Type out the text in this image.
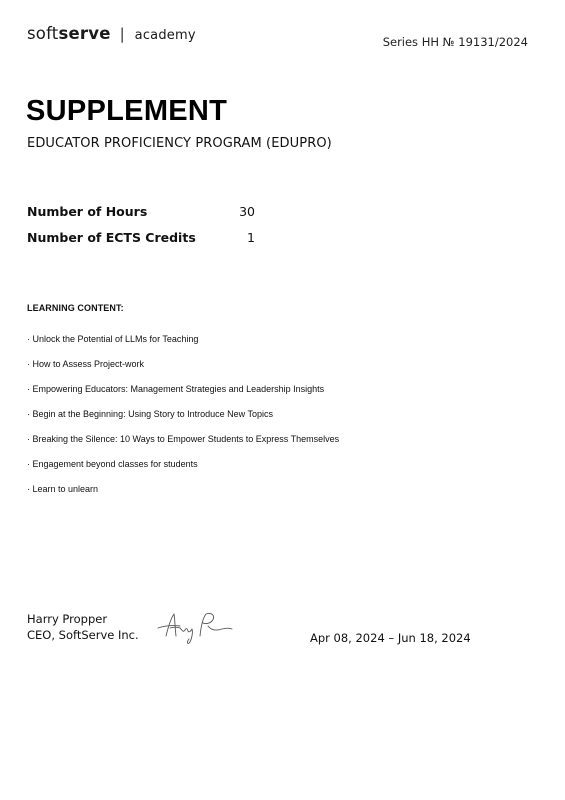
soft serve | academy	Series HH № 19131/2024
SUPPLEMENT
EDUCATOR PROFICIENCY PROGRAM (EDUPRO)
Number of Hours	30
Number of ECTS Credits	1
LEARNING CONTENT:
· Unlock the Potential of LLMs for Teaching
· How to Assess Project-work
· Empowering Educators: Management Strategies and Leadership Insights
· Begin at the Beginning: Using Story to Introduce New Topics
· Breaking the Silence: 10 Ways to Empower Students to Express Themselves
· Engagement beyond classes for students
· Learn to unlearn
Harry Propper
CEO, SoftServe Inc.	Apr 08, 2024 – Jun 18, 2024
